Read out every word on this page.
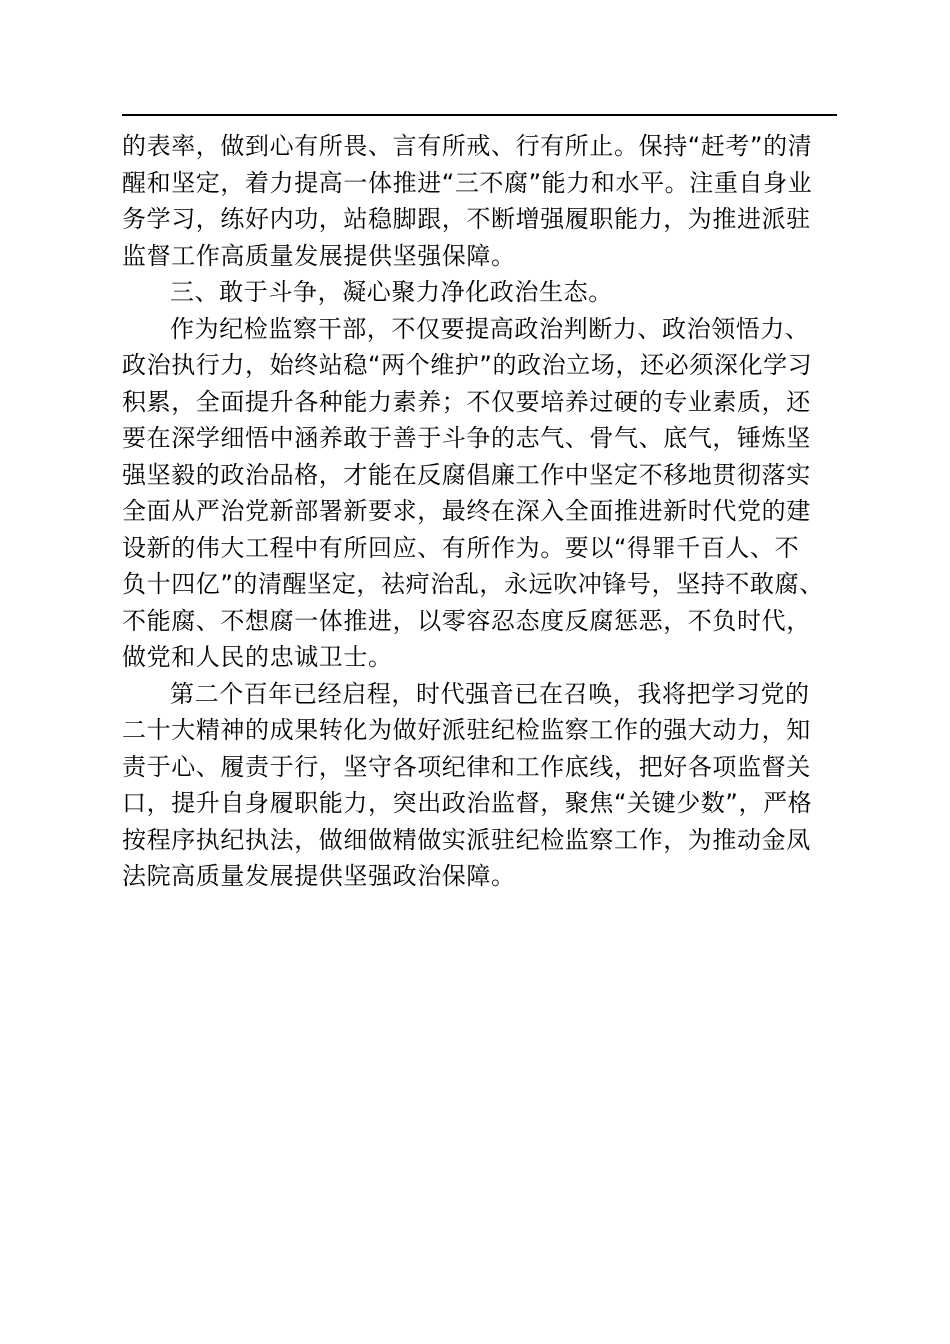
的表率，做到心有所畏、言有所戒、行有所止。保持“赶考”的清
醒和坚定，着力提高一体推进“三不腐”能力和水平。注重自身业
务学习，练好内功，站稳脚跟，不断增强履职能力，为推进派驻
监督工作高质量发展提供坚强保障。
三、敢于斗争，凝心聚力净化政治生态。
作为纪检监察干部，不仅要提高政治判断力、政治领悟力、
政治执行力，始终站稳“两个维护”的政治立场，还必须深化学习
积累，全面提升各种能力素养；不仅要培养过硬的专业素质，还
要在深学细悟中涵养敢于善于斗争的志气、骨气、底气，锤炼坚
强坚毅的政治品格，才能在反腐倡廉工作中坚定不移地贯彻落实
全面从严治党新部署新要求，最终在深入全面推进新时代党的建
设新的伟大工程中有所回应、有所作为。要以“得罪千百人、不
负十四亿”的清醒坚定，祛疴治乱，永远吹冲锋号，坚持不敢腐、
不能腐、不想腐一体推进，以零容忍态度反腐惩恶，不负时代，
做党和人民的忠诚卫士。
第二个百年已经启程，时代强音已在召唤，我将把学习党的
二十大精神的成果转化为做好派驻纪检监察工作的强大动力，知
责于心、履责于行，坚守各项纪律和工作底线，把好各项监督关
口，提升自身履职能力，突出政治监督，聚焦“关键少数”，严格
按程序执纪执法，做细做精做实派驻纪检监察工作，为推动金凤
法院高质量发展提供坚强政治保障。
